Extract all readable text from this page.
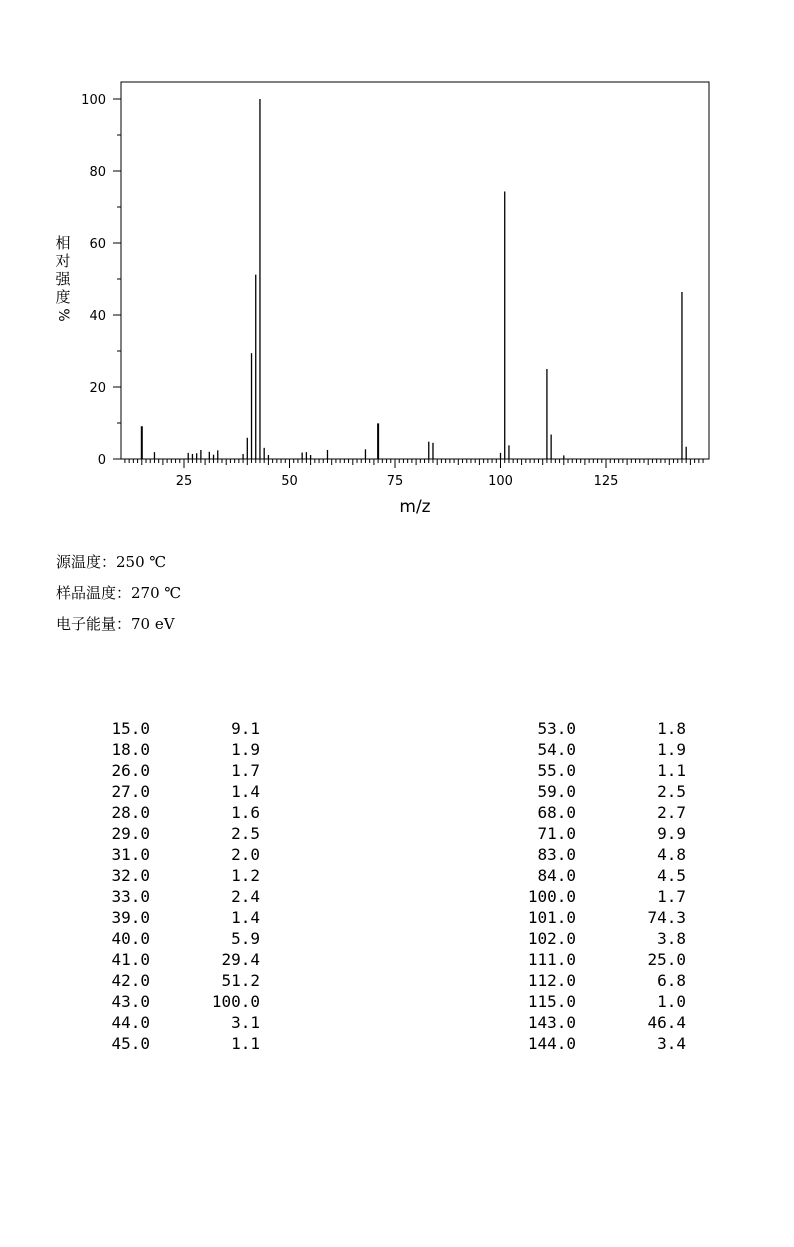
25	50	75	100	125
0
20
40
60
80
100
m/z
相
对
强
度
%
源温度：250 ℃
样品温度：270 ℃
电子能量：70 eV
15.0	9.1
18.0	1.9
26.0	1.7
27.0	1.4
28.0	1.6
29.0	2.5
31.0	2.0
32.0	1.2
33.0	2.4
39.0	1.4
40.0	5.9
41.0	29.4
42.0	51.2
43.0	100.0
44.0	3.1
45.0	1.1
53.0	1.8
54.0	1.9
55.0	1.1
59.0	2.5
68.0	2.7
71.0	9.9
83.0	4.8
84.0	4.5
100.0	1.7
101.0	74.3
102.0	3.8
111.0	25.0
112.0	6.8
115.0	1.0
143.0	46.4
144.0	3.4
